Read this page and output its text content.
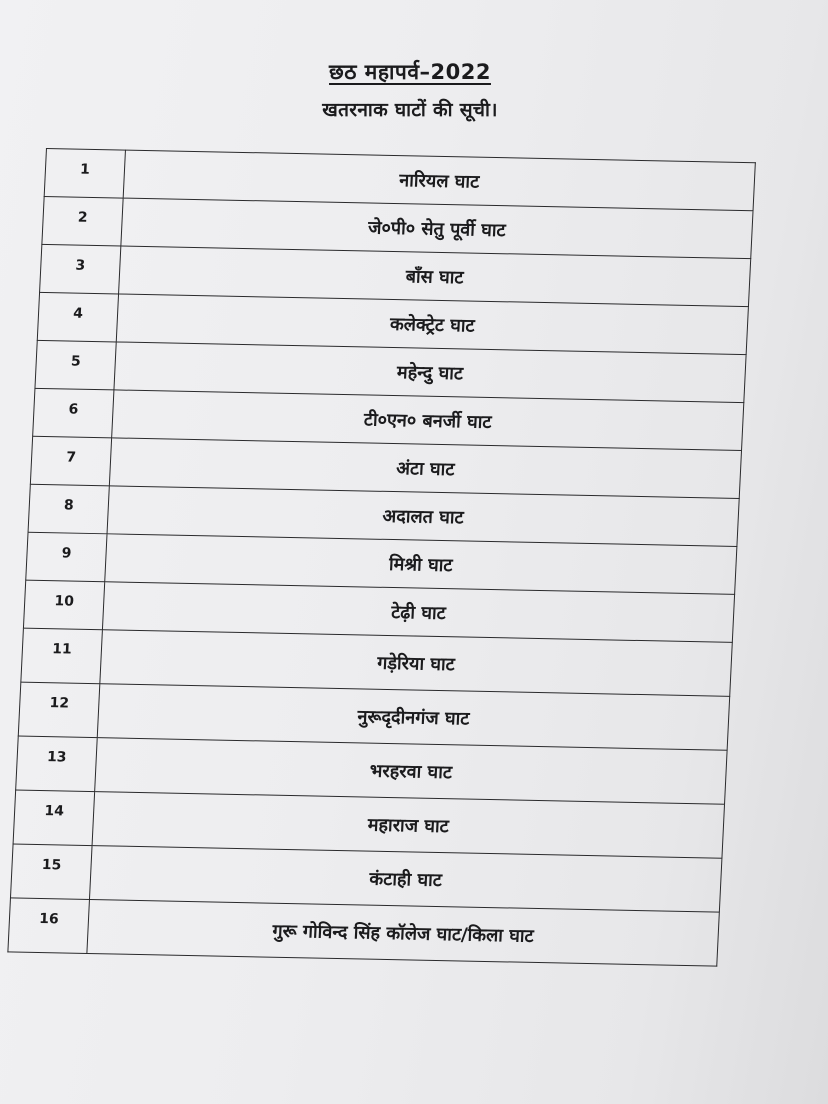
छठ महापर्व–2022
खतरनाक घाटों की सूची।
1	नारियल घाट
2	जे०पी० सेतु पूर्वी घाट
3	बाँस घाट
4	कलेक्ट्रेट घाट
5	महेन्दु घाट
6	टी०एन० बनर्जी घाट
7	अंटा घाट
8	अदालत घाट
9	मिश्री घाट
10	टेढ़ी घाट
11	गड़ेरिया घाट
12	नुरूदृदीनगंज घाट
13	भरहरवा घाट
14	महाराज घाट
15	कंटाही घाट
16	गुरू गोविन्द सिंह कॉलेज घाट/किला घाट
